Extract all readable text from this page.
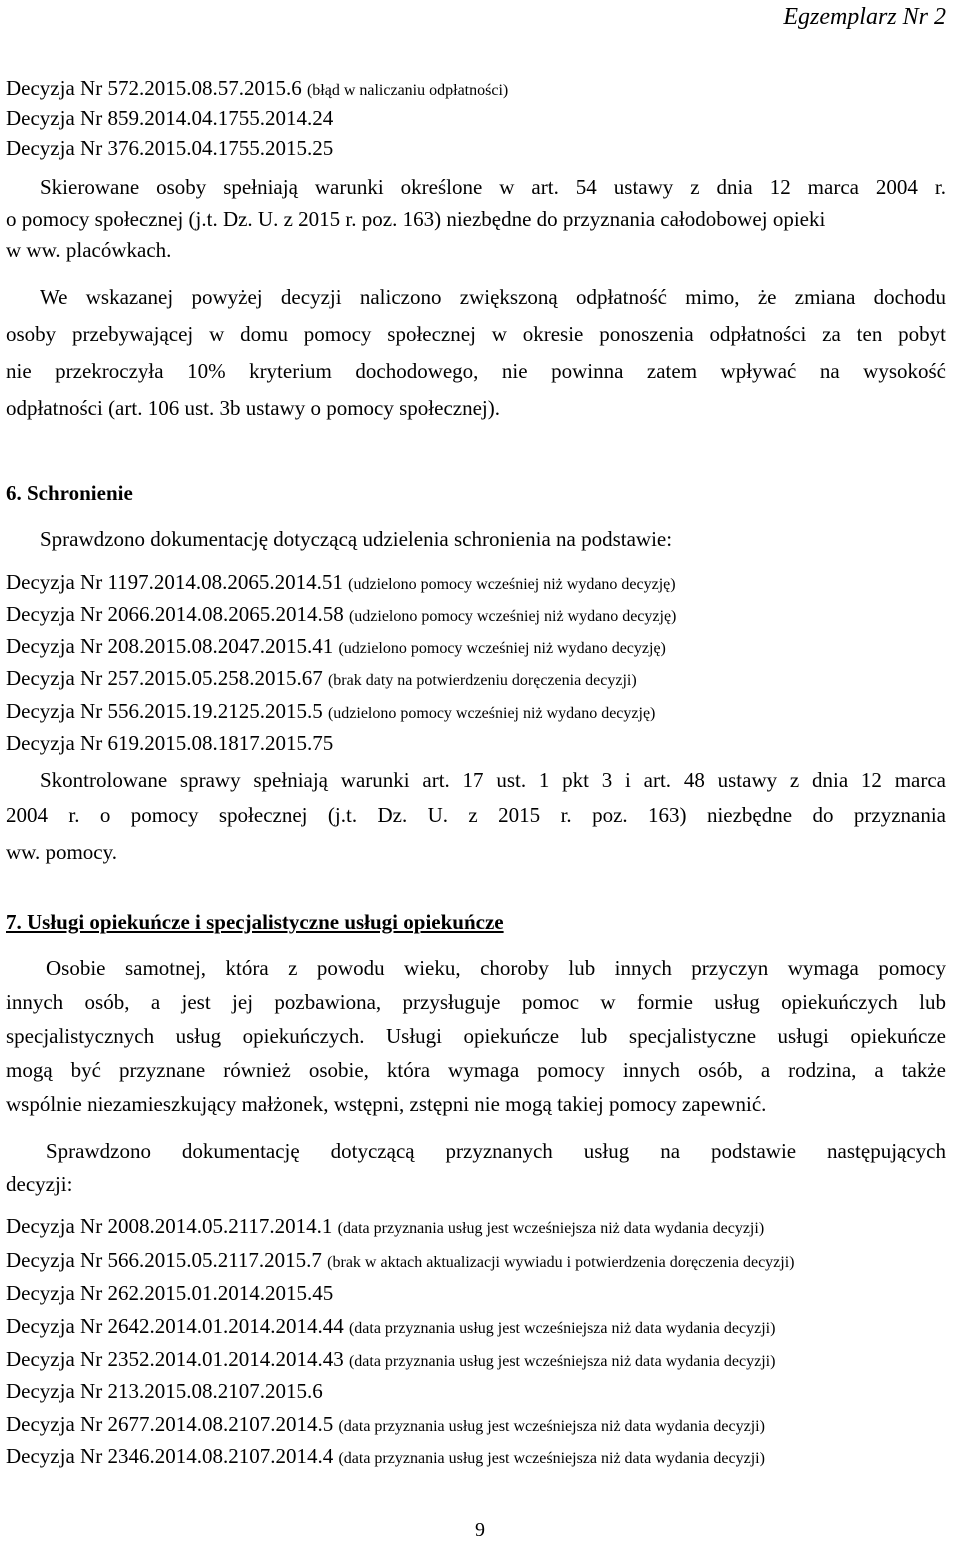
Egzemplarz Nr 2
Decyzja Nr 572.2015.08.57.2015.6 (błąd w naliczaniu odpłatności)
Decyzja Nr 859.2014.04.1755.2014.24
Decyzja Nr 376.2015.04.1755.2015.25
Skierowane osoby spełniają warunki określone w art. 54 ustawy z dnia 12 marca 2004 r.
o pomocy społecznej (j.t. Dz. U. z 2015 r. poz. 163) niezbędne do przyznania całodobowej opieki
w ww. placówkach.
We wskazanej powyżej decyzji naliczono zwiększoną odpłatność mimo, że zmiana dochodu
osoby przebywającej w domu pomocy społecznej w okresie ponoszenia odpłatności za ten pobyt
nie przekroczyła 10% kryterium dochodowego, nie powinna zatem wpływać na wysokość
odpłatności (art. 106 ust. 3b ustawy o pomocy społecznej).
6. Schronienie
Sprawdzono dokumentację dotyczącą udzielenia schronienia na podstawie:
Decyzja Nr 1197.2014.08.2065.2014.51 (udzielono pomocy wcześniej niż wydano decyzję)
Decyzja Nr 2066.2014.08.2065.2014.58 (udzielono pomocy wcześniej niż wydano decyzję)
Decyzja Nr 208.2015.08.2047.2015.41 (udzielono pomocy wcześniej niż wydano decyzję)
Decyzja Nr 257.2015.05.258.2015.67 (brak daty na potwierdzeniu doręczenia decyzji)
Decyzja Nr 556.2015.19.2125.2015.5 (udzielono pomocy wcześniej niż wydano decyzję)
Decyzja Nr 619.2015.08.1817.2015.75
Skontrolowane sprawy spełniają warunki art. 17 ust. 1 pkt 3 i art. 48 ustawy z dnia 12 marca
2004 r. o pomocy społecznej (j.t. Dz. U. z 2015 r. poz. 163) niezbędne do przyznania
ww. pomocy.
7. Usługi opiekuńcze i specjalistyczne usługi opiekuńcze
Osobie samotnej, która z powodu wieku, choroby lub innych przyczyn wymaga pomocy
innych osób, a jest jej pozbawiona, przysługuje pomoc w formie usług opiekuńczych lub
specjalistycznych usług opiekuńczych. Usługi opiekuńcze lub specjalistyczne usługi opiekuńcze
mogą być przyznane również osobie, która wymaga pomocy innych osób, a rodzina, a także
wspólnie niezamieszkujący małżonek, wstępni, zstępni nie mogą takiej pomocy zapewnić.
Sprawdzono dokumentację dotyczącą przyznanych usług na podstawie następujących
decyzji:
Decyzja Nr 2008.2014.05.2117.2014.1 (data przyznania usług jest wcześniejsza niż data wydania decyzji)
Decyzja Nr 566.2015.05.2117.2015.7 (brak w aktach aktualizacji wywiadu i potwierdzenia doręczenia decyzji)
Decyzja Nr 262.2015.01.2014.2015.45
Decyzja Nr 2642.2014.01.2014.2014.44 (data przyznania usług jest wcześniejsza niż data wydania decyzji)
Decyzja Nr 2352.2014.01.2014.2014.43 (data przyznania usług jest wcześniejsza niż data wydania decyzji)
Decyzja Nr 213.2015.08.2107.2015.6
Decyzja Nr 2677.2014.08.2107.2014.5 (data przyznania usług jest wcześniejsza niż data wydania decyzji)
Decyzja Nr 2346.2014.08.2107.2014.4 (data przyznania usług jest wcześniejsza niż data wydania decyzji)
9
